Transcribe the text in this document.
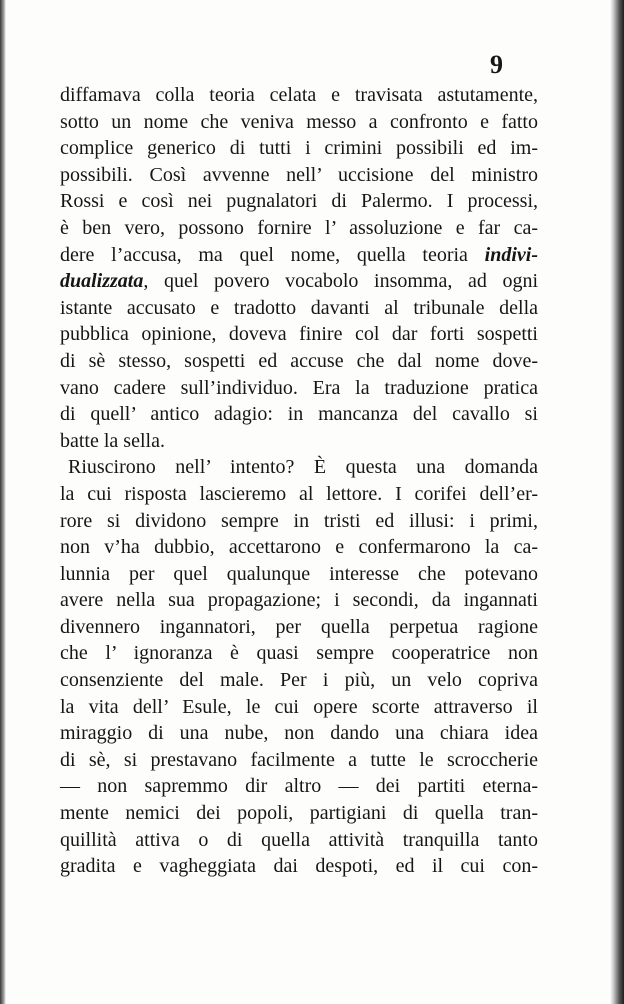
9
diffamava colla teoria celata e travisata astutamente,
sotto un nome che veniva messo a confronto e fatto
complice generico di tutti i crimini possibili ed im-
possibili. Così avvenne nell’ uccisione del ministro
Rossi e così nei pugnalatori di Palermo. I processi,
è ben vero, possono fornire l’ assoluzione e far ca-
dere l’accusa, ma quel nome, quella teoria indivi-
dualizzata, quel povero vocabolo insomma, ad ogni
istante accusato e tradotto davanti al tribunale della
pubblica opinione, doveva finire col dar forti sospetti
di sè stesso, sospetti ed accuse che dal nome dove-
vano cadere sull’individuo. Era la traduzione pratica
di quell’ antico adagio: in mancanza del cavallo si
batte la sella.
Riuscirono nell’ intento? È questa una domanda
la cui risposta lascieremo al lettore. I corifei dell’er-
rore si dividono sempre in tristi ed illusi: i primi,
non v’ha dubbio, accettarono e confermarono la ca-
lunnia per quel qualunque interesse che potevano
avere nella sua propagazione; i secondi, da ingannati
divennero ingannatori, per quella perpetua ragione
che l’ ignoranza è quasi sempre cooperatrice non
consenziente del male. Per i più, un velo copriva
la vita dell’ Esule, le cui opere scorte attraverso il
miraggio di una nube, non dando una chiara idea
di sè, si prestavano facilmente a tutte le scroccherie
— non sapremmo dir altro — dei partiti eterna-
mente nemici dei popoli, partigiani di quella tran-
quillità attiva o di quella attività tranquilla tanto
gradita e vagheggiata dai despoti, ed il cui con-
